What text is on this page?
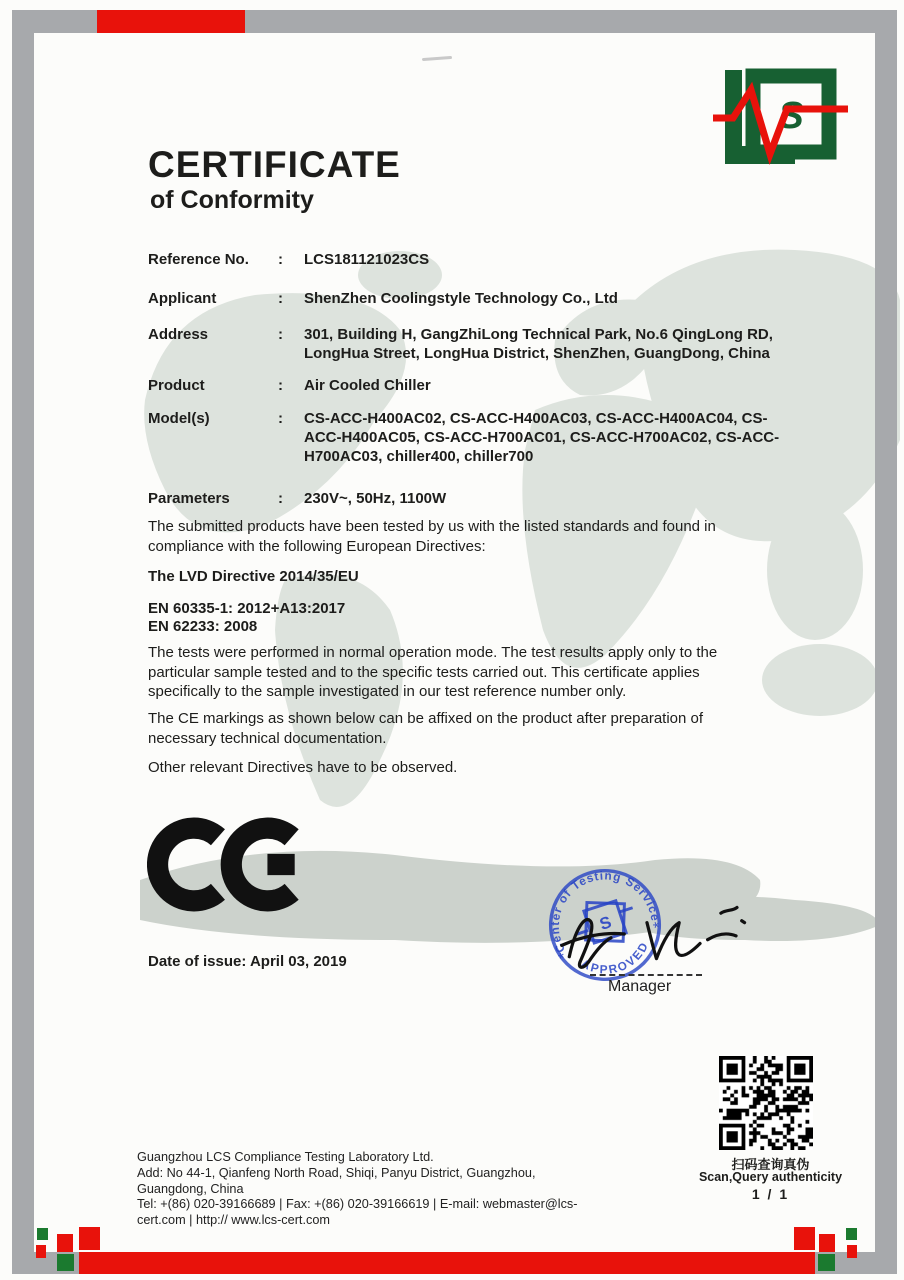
S
CERTIFICATE
of Conformity
Reference No.	:	LCS181121023CS
Applicant	:	ShenZhen Coolingstyle Technology Co., Ltd
Address	:	301, Building H, GangZhiLong Technical Park, No.6 QingLong RD, LongHua Street, LongHua District, ShenZhen, GuangDong, China
Product	:	Air Cooled Chiller
Model(s)	:	CS-ACC-H400AC02, CS-ACC-H400AC03, CS-ACC-H400AC04, CS-ACC-H400AC05, CS-ACC-H700AC01, CS-ACC-H700AC02, CS-ACC-H700AC03, chiller400, chiller700
Parameters	:	230V~, 50Hz, 1100W
The submitted products have been tested by us with the listed standards and found in compliance with the following European Directives:
The LVD Directive 2014/35/EU
EN 60335-1: 2012+A13:2017
EN 62233: 2008
The tests were performed in normal operation mode. The test results apply only to the particular sample tested and to the specific tests carried out. This certificate applies specifically to the sample investigated in our test reference number only.
The CE markings as shown below can be affixed on the product after preparation of necessary technical documentation.
Other relevant Directives have to be observed.
Date of issue: April 03, 2019
Center of Testing Service
APPROVED
*
*
S
Manager
Guangzhou LCS Compliance Testing Laboratory Ltd.
Add: No 44-1, Qianfeng North Road, Shiqi, Panyu District, Guangzhou, Guangdong, China
Tel: +(86) 020-39166689 | Fax: +(86) 020-39166619 | E-mail: webmaster@lcs-cert.com | http:// www.lcs-cert.com
扫码查询真伪
Scan,Query authenticity
1 / 1
